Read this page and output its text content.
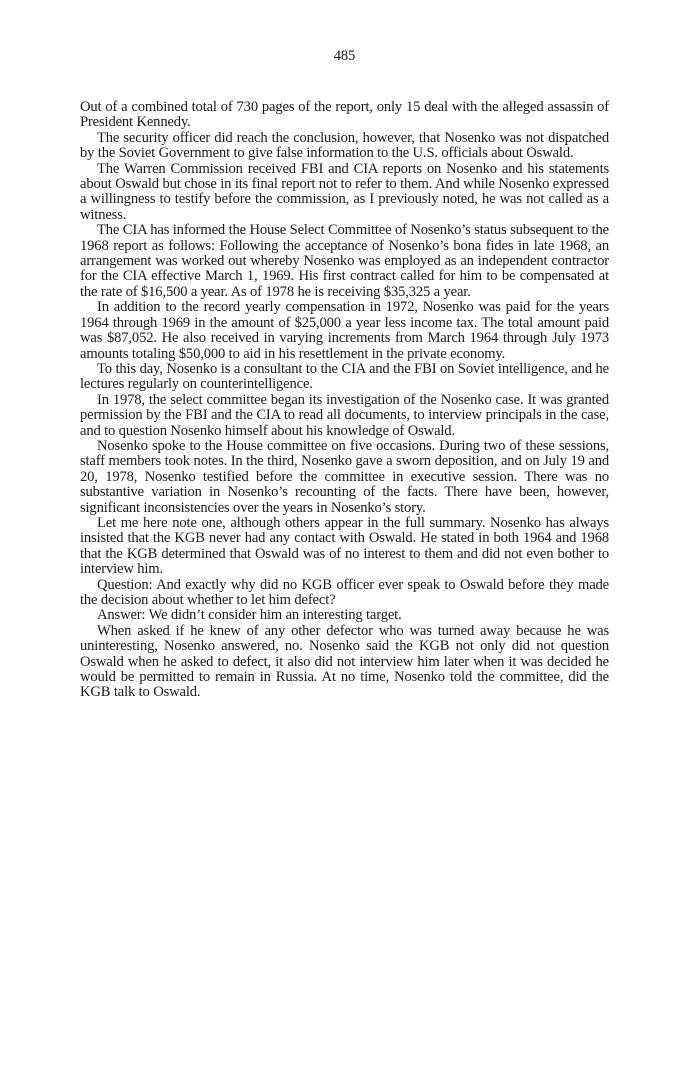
485

Out of a combined total of 730 pages of the report, only 15 deal with the alleged assassin of President Kennedy.

The security officer did reach the conclusion, however, that Nosenko was not dispatched by the Soviet Government to give false information to the U.S. officials about Oswald.

The Warren Commission received FBI and CIA reports on Nosenko and his statements about Oswald but chose in its final report not to refer to them. And while Nosenko expressed a willingness to testify before the commission, as I previously noted, he was not called as a witness.

The CIA has informed the House Select Committee of Nosenko’s status subsequent to the 1968 report as follows: Following the acceptance of Nosenko’s bona fides in late 1968, an arrangement was worked out whereby Nosenko was employed as an independent contractor for the CIA effective March 1, 1969. His first contract called for him to be compensated at the rate of $16,500 a year. As of 1978 he is receiving $35,325 a year.

In addition to the record yearly compensation in 1972, Nosenko was paid for the years 1964 through 1969 in the amount of $25,000 a year less income tax. The total amount paid was $87,052. He also received in varying increments from March 1964 through July 1973 amounts totaling $50,000 to aid in his resettlement in the private economy.

To this day, Nosenko is a consultant to the CIA and the FBI on Soviet intelligence, and he lectures regularly on counterintelligence.

In 1978, the select committee began its investigation of the Nosenko case. It was granted permission by the FBI and the CIA to read all documents, to interview principals in the case, and to question Nosenko himself about his knowledge of Oswald.

Nosenko spoke to the House committee on five occasions. During two of these sessions, staff members took notes. In the third, Nosenko gave a sworn deposition, and on July 19 and 20, 1978, Nosenko testified before the committee in executive session. There was no substantive variation in Nosenko’s recounting of the facts. There have been, however, significant inconsistencies over the years in Nosenko’s story.

Let me here note one, although others appear in the full summary. Nosenko has always insisted that the KGB never had any contact with Oswald. He stated in both 1964 and 1968 that the KGB determined that Oswald was of no interest to them and did not even bother to interview him.

Question: And exactly why did no KGB officer ever speak to Oswald before they made the decision about whether to let him defect?

Answer: We didn’t consider him an interesting target.

When asked if he knew of any other defector who was turned away because he was uninteresting, Nosenko answered, no. Nosenko said the KGB not only did not question Oswald when he asked to defect, it also did not interview him later when it was decided he would be permitted to remain in Russia. At no time, Nosenko told the committee, did the KGB talk to Oswald.
